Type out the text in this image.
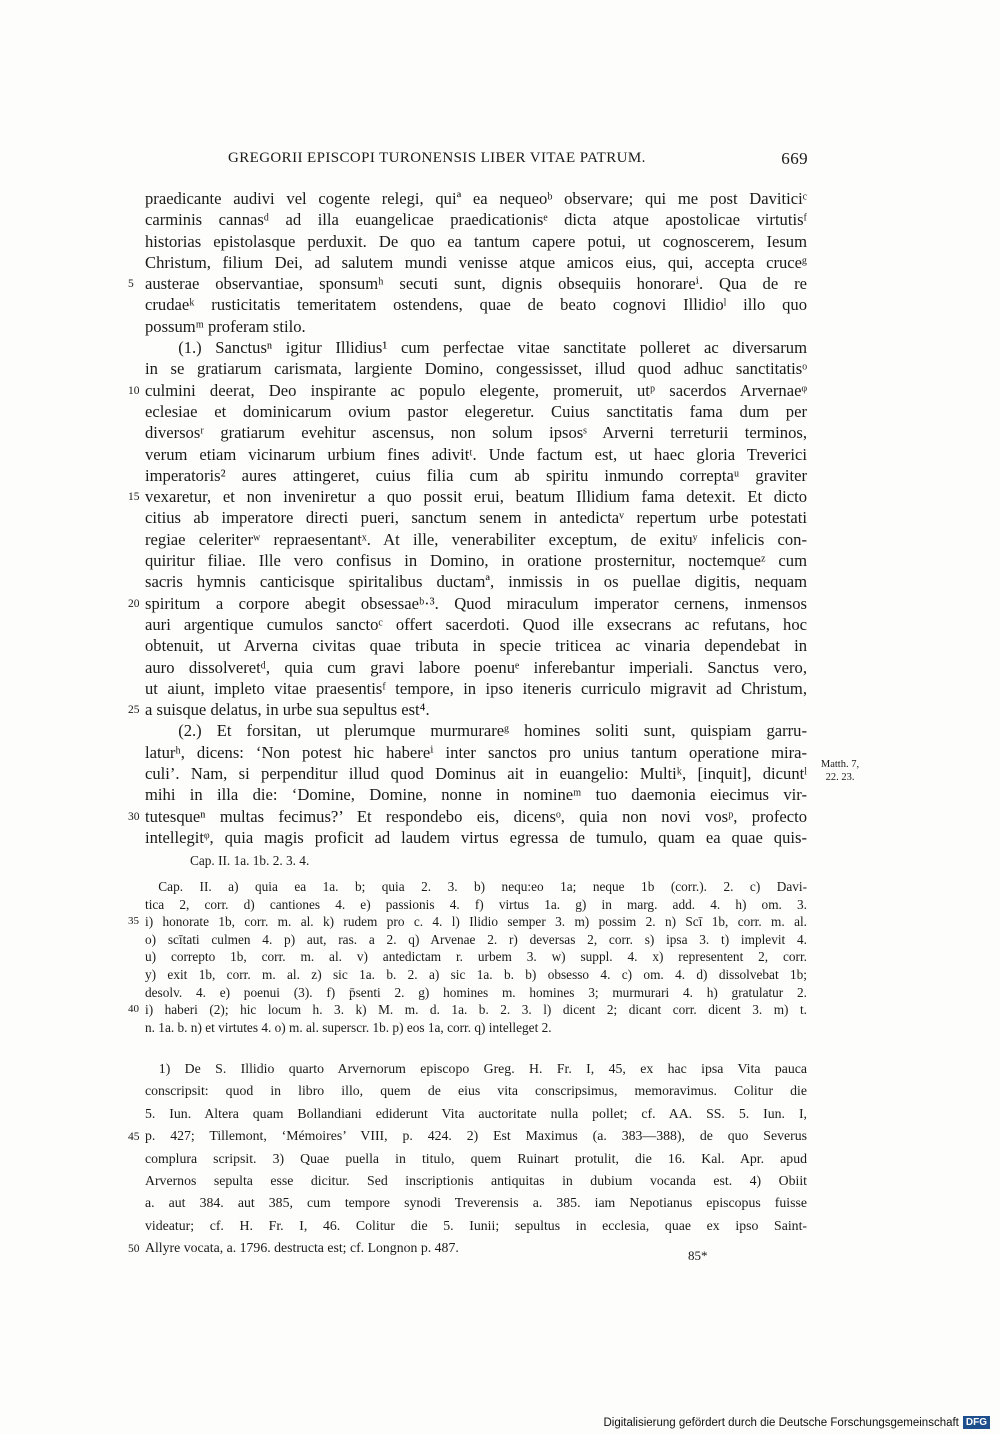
GREGORII EPISCOPI TURONENSIS LIBER VITAE PATRUM.	669
praedicante audivi vel cogente relegi, quiª ea nequeoᵇ observare; qui me post Daviticiᶜ
carminis cannasᵈ ad illa euangelicae praedicationisᵉ dicta atque apostolicae virtutisᶠ
historias epistolasque perduxit. De quo ea tantum capere potui, ut cognoscerem, Iesum
Christum, filium Dei, ad salutem mundi venisse atque amicos eius, qui, accepta cruceᵍ
5 austerae observantiae, sponsumʰ secuti sunt, dignis obsequiis honorareⁱ. Qua de re
crudaeᵏ rusticitatis temeritatem ostendens, quae de beato cognovi Illidioˡ illo quo
possumᵐ proferam stilo.
  (1.) Sanctusⁿ igitur Illidius¹ cum perfectae vitae sanctitate polleret ac diversarum
in se gratiarum carismata, largiente Domino, congessisset, illud quod adhuc sanctitatisᵒ
10 culmini deerat, Deo inspirante ac populo elegente, promeruit, utᵖ sacerdos Arvernaeᵠ
eclesiae et dominicarum ovium pastor elegeretur. Cuius sanctitatis fama dum per
diversosʳ gratiarum evehitur ascensus, non solum ipsosˢ Arverni terreturii terminos,
verum etiam vicinarum urbium fines adivitᵗ. Unde factum est, ut haec gloria Treverici
imperatoris² aures attingeret, cuius filia cum ab spiritu inmundo correptaᵘ graviter
15 vexaretur, et non inveniretur a quo possit erui, beatum Illidium fama detexit. Et dicto
citius ab imperatore directi pueri, sanctum senem in antedictaᵛ repertum urbe potestati
regiae celeriterʷ repraesentantˣ. At ille, venerabiliter exceptum, de exituʸ infelicis con-
quiritur filiae. Ille vero confisus in Domino, in oratione prosternitur, noctemqueᶻ cum
sacris hymnis canticisque spiritalibus ductamª, inmissis in os puellae digitis, nequam
20 spiritum a corpore abegit obsessaeᵇ·³. Quod miraculum imperator cernens, inmensos
auri argentique cumulos sanctoᶜ offert sacerdoti. Quod ille exsecrans ac refutans, hoc
obtenuit, ut Arverna civitas quae tributa in specie triticea ac vinaria dependebat in
auro dissolveretᵈ, quia cum gravi labore poenuᵉ inferebantur imperiali. Sanctus vero,
ut aiunt, impleto vitae praesentisᶠ tempore, in ipso iteneris curriculo migravit ad Christum,
25 a suisque delatus, in urbe sua sepultus est⁴.
  (2.) Et forsitan, ut plerumque murmurareᵍ homines soliti sunt, quispiam garru-
laturʰ, dicens: ‘Non potest hic habereⁱ inter sanctos pro unius tantum operatione mira-
culi’. Nam, si perpenditur illud quod Dominus ait in euangelio: Multiᵏ, [inquit], dicuntˡ
mihi in illa die: ‘Domine, Domine, nonne in nomineᵐ tuo daemonia eiecimus vir-
30 tutesqueⁿ multas fecimus?’ Et respondebo eis, dicensᵒ, quia non novi vosᵖ, profecto
intellegitᵠ, quia magis proficit ad laudem virtus egressa de tumulo, quam ea quae quis-
Matth. 7,
22. 23.
Cap. II. 1a. 1b. 2. 3. 4.
 Cap. II. a) quia ea 1a. b; quia 2. 3. b) nequ:eo 1a; neque 1b (corr.). 2. c) Davi-
tica 2, corr. d) cantiones 4. e) passionis 4. f) virtus 1a. g) in marg. add. 4. h) om. 3.
35 i) honorate 1b, corr. m. al. k) rudem pro c. 4. l) Ilidio semper 3. m) possim 2. n) Scī 1b, corr. m. al.
o) scītati culmen 4. p) aut, ras. a 2. q) Arvenae 2. r) deversas 2, corr. s) ipsa 3. t) implevit 4.
u) correpto 1b, corr. m. al. v) antedictam r. urbem 3. w) suppl. 4. x) representent 2, corr.
y) exit 1b, corr. m. al. z) sic 1a. b. 2. a) sic 1a. b. b) obsesso 4. c) om. 4. d) dissolvebat 1b;
desolv. 4. e) poenui (3). f) p̄senti 2. g) homines m. homines 3; murmurari 4. h) gratulatur 2.
40 i) haberi (2); hic locum h. 3. k) M. m. d. 1a. b. 2. 3. l) dicent 2; dicant corr. dicent 3. m) t.
n. 1a. b. n) et virtutes 4. o) m. al. superscr. 1b. p) eos 1a, corr. q) intelleget 2.
 1) De S. Illidio quarto Arvernorum episcopo Greg. H. Fr. I, 45, ex hac ipsa Vita pauca
conscripsit: quod in libro illo, quem de eius vita conscripsimus, memoravimus. Colitur die
5. Iun. Altera quam Bollandiani ediderunt Vita auctoritate nulla pollet; cf. AA. SS. 5. Iun. I,
45 p. 427; Tillemont, ‘Mémoires’ VIII, p. 424. 2) Est Maximus (a. 383—388), de quo Severus
complura scripsit. 3) Quae puella in titulo, quem Ruinart protulit, die 16. Kal. Apr. apud
Arvernos sepulta esse dicitur. Sed inscriptionis antiquitas in dubium vocanda est. 4) Obiit
a. aut 384. aut 385, cum tempore synodi Treverensis a. 385. iam Nepotianus episcopus fuisse
videatur; cf. H. Fr. I, 46. Colitur die 5. Iunii; sepultus in ecclesia, quae ex ipso Saint-
50 Allyre vocata, a. 1796. destructa est; cf. Longnon p. 487.
85*
Digitalisierung gefördert durch die Deutsche Forschungsgemeinschaft DFG
